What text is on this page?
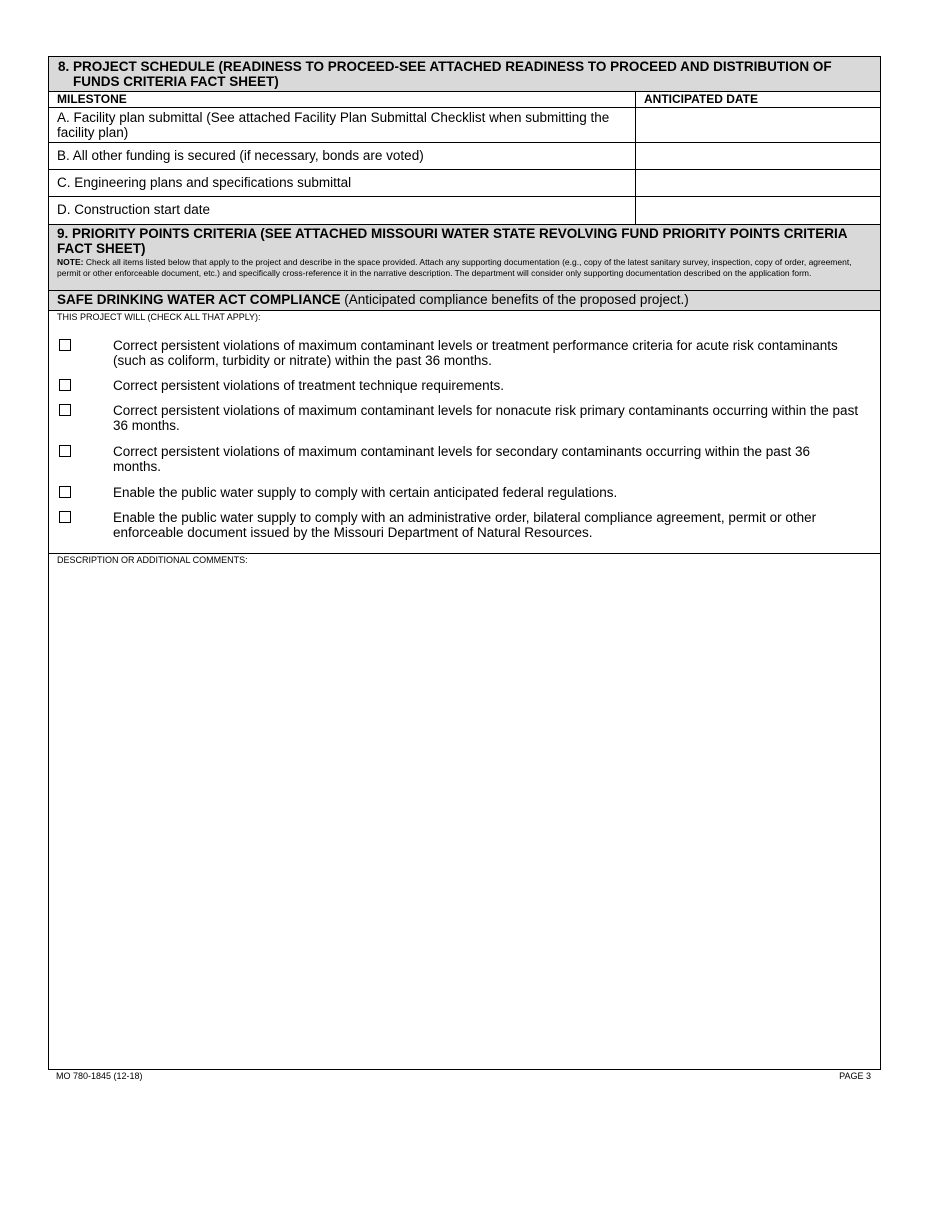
8. PROJECT SCHEDULE (READINESS TO PROCEED-SEE ATTACHED READINESS TO PROCEED AND DISTRIBUTION OF FUNDS CRITERIA FACT SHEET)
MILESTONE	ANTICIPATED DATE
A. Facility plan submittal (See attached Facility Plan Submittal Checklist when submitting the facility plan)
B. All other funding is secured (if necessary, bonds are voted)
C. Engineering plans and specifications submittal
D. Construction start date
9. PRIORITY POINTS CRITERIA (SEE ATTACHED MISSOURI WATER STATE REVOLVING FUND PRIORITY POINTS CRITERIA FACT SHEET)
NOTE: Check all items listed below that apply to the project and describe in the space provided. Attach any supporting documentation (e.g., copy of the latest sanitary survey, inspection, copy of order, agreement, permit or other enforceable document, etc.) and specifically cross-reference it in the narrative description. The department will consider only supporting documentation described on the application form.
SAFE DRINKING WATER ACT COMPLIANCE (Anticipated compliance benefits of the proposed project.)
THIS PROJECT WILL (CHECK ALL THAT APPLY):
Correct persistent violations of maximum contaminant levels or treatment performance criteria for acute risk contaminants (such as coliform, turbidity or nitrate) within the past 36 months.
Correct persistent violations of treatment technique requirements.
Correct persistent violations of maximum contaminant levels for nonacute risk primary contaminants occurring within the past 36 months.
Correct persistent violations of maximum contaminant levels for secondary contaminants occurring within the past 36 months.
Enable the public water supply to comply with certain anticipated federal regulations.
Enable the public water supply to comply with an administrative order, bilateral compliance agreement, permit or other enforceable document issued by the Missouri Department of Natural Resources.
DESCRIPTION OR ADDITIONAL COMMENTS:
MO 780-1845 (12-18)	PAGE 3
